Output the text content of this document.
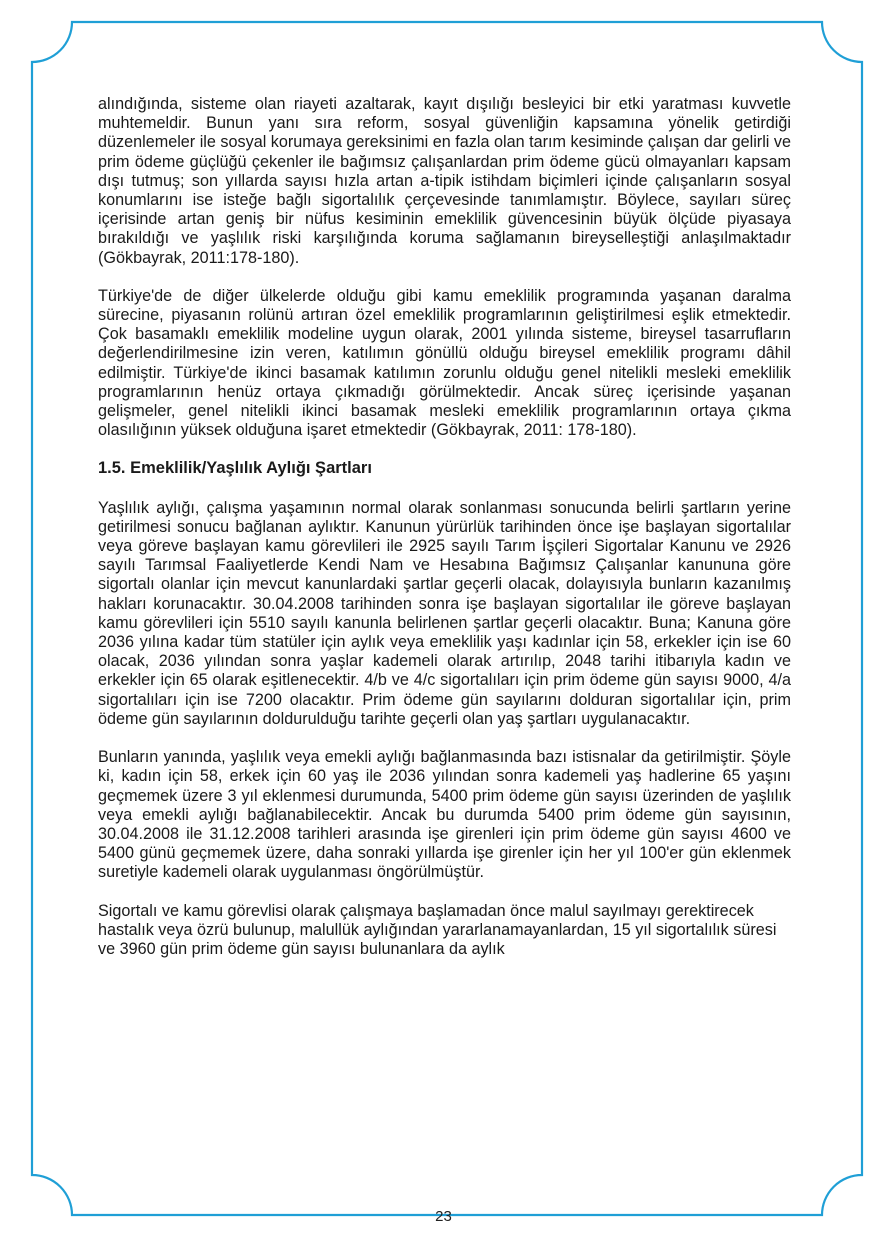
alındığında, sisteme olan riayeti azaltarak, kayıt dışılığı besleyici bir etki yaratması kuvvetle muhtemeldir. Bunun yanı sıra reform, sosyal güvenliğin kapsamına yönelik getirdiği düzenlemeler ile sosyal korumaya gereksinimi en fazla olan tarım kesiminde çalışan dar gelirli ve prim ödeme güçlüğü çekenler ile bağımsız çalışanlardan prim ödeme gücü olmayanları kapsam dışı tutmuş; son yıllarda sayısı hızla artan a-tipik istihdam biçimleri içinde çalışanların sosyal konumlarını ise isteğe bağlı sigortalılık çerçevesinde tanımlamıştır. Böylece, sayıları süreç içerisinde artan geniş bir nüfus kesiminin emeklilik güvencesinin büyük ölçüde piyasaya bırakıldığı ve yaşlılık riski karşılığında koruma sağlamanın bireyselleştiği anlaşılmaktadır (Gökbayrak, 2011:178-180).

Türkiye'de de diğer ülkelerde olduğu gibi kamu emeklilik programında yaşanan daralma sürecine, piyasanın rolünü artıran özel emeklilik programlarının geliştirilmesi eşlik etmektedir. Çok basamaklı emeklilik modeline uygun olarak, 2001 yılında sisteme, bireysel tasarrufların değerlendirilmesine izin veren, katılımın gönüllü olduğu bireysel emeklilik programı dâhil edilmiştir. Türkiye'de ikinci basamak katılımın zorunlu olduğu genel nitelikli mesleki emeklilik programlarının henüz ortaya çıkmadığı görülmektedir. Ancak süreç içerisinde yaşanan gelişmeler, genel nitelikli ikinci basamak mesleki emeklilik programlarının ortaya çıkma olasılığının yüksek olduğuna işaret etmektedir (Gökbayrak, 2011: 178-180).

1.5. Emeklilik/Yaşlılık Aylığı Şartları

Yaşlılık aylığı, çalışma yaşamının normal olarak sonlanması sonucunda belirli şartların yerine getirilmesi sonucu bağlanan aylıktır. Kanunun yürürlük tarihinden önce işe başlayan sigortalılar veya göreve başlayan kamu görevlileri ile 2925 sayılı Tarım İşçileri Sigortalar Kanunu ve 2926 sayılı Tarımsal Faaliyetlerde Kendi Nam ve Hesabına Bağımsız Çalışanlar kanununa göre sigortalı olanlar için mevcut kanunlardaki şartlar geçerli olacak, dolayısıyla bunların kazanılmış hakları korunacaktır. 30.04.2008 tarihinden sonra işe başlayan sigortalılar ile göreve başlayan kamu görevlileri için 5510 sayılı kanunla belirlenen şartlar geçerli olacaktır. Buna; Kanuna göre 2036 yılına kadar tüm statüler için aylık veya emeklilik yaşı kadınlar için 58, erkekler için ise 60 olacak, 2036 yılından sonra yaşlar kademeli olarak artırılıp, 2048 tarihi itibarıyla kadın ve erkekler için 65 olarak eşitlenecektir. 4/b ve 4/c sigortalıları için prim ödeme gün sayısı 9000, 4/a sigortalıları için ise 7200 olacaktır. Prim ödeme gün sayılarını dolduran sigortalılar için, prim ödeme gün sayılarının doldurulduğu tarihte geçerli olan yaş şartları uygulanacaktır.

Bunların yanında, yaşlılık veya emekli aylığı bağlanmasında bazı istisnalar da getirilmiştir. Şöyle ki, kadın için 58, erkek için 60 yaş ile 2036 yılından sonra kademeli yaş hadlerine 65 yaşını geçmemek üzere 3 yıl eklenmesi durumunda, 5400 prim ödeme gün sayısı üzerinden de yaşlılık veya emekli aylığı bağlanabilecektir. Ancak bu durumda 5400 prim ödeme gün sayısının, 30.04.2008 ile 31.12.2008 tarihleri arasında işe girenleri için prim ödeme gün sayısı 4600 ve 5400 günü geçmemek üzere, daha sonraki yıllarda işe girenler için her yıl 100'er gün eklenmek suretiyle kademeli olarak uygulanması öngörülmüştür.

Sigortalı ve kamu görevlisi olarak çalışmaya başlamadan önce malul sayılmayı gerektirecek hastalık veya özrü bulunup, malullük aylığından yararlanamayanlardan, 15 yıl sigortalılık süresi ve 3960 gün prim ödeme gün sayısı bulunanlara da aylık

23
